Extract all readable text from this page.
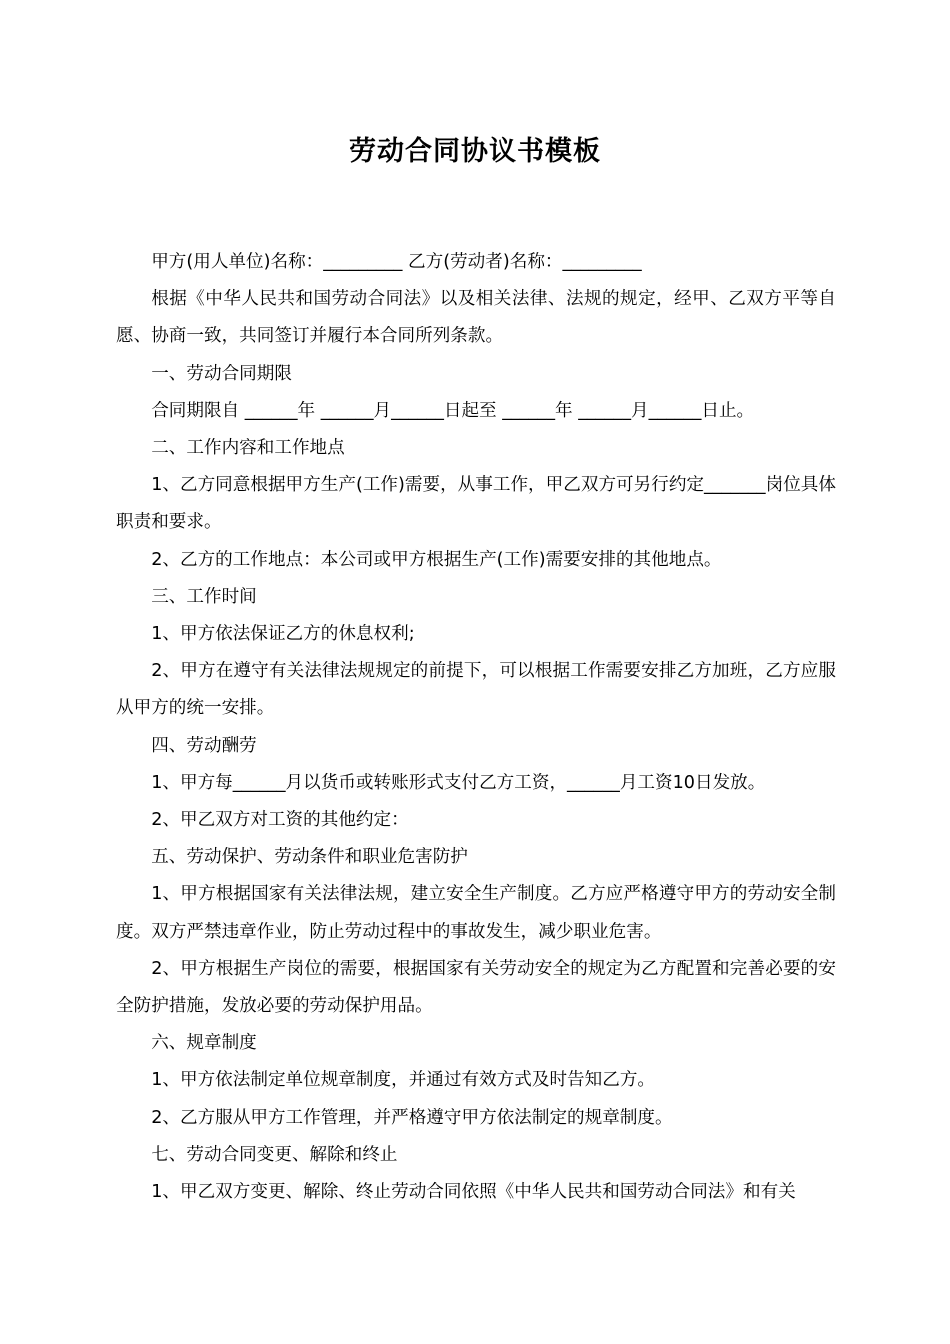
劳动合同协议书模板

甲方(用人单位)名称：_________ 乙方(劳动者)名称：_________

根据《中华人民共和国劳动合同法》以及相关法律、法规的规定，经甲、乙双方平等自愿、协商一致，共同签订并履行本合同所列条款。

一、劳动合同期限

合同期限自 ______年 ______月______日起至 ______年 ______月______日止。

二、工作内容和工作地点

1、乙方同意根据甲方生产(工作)需要，从事工作，甲乙双方可另行约定_______岗位具体职责和要求。

2、乙方的工作地点：本公司或甲方根据生产(工作)需要安排的其他地点。

三、工作时间

1、甲方依法保证乙方的休息权利;

2、甲方在遵守有关法律法规规定的前提下，可以根据工作需要安排乙方加班，乙方应服从甲方的统一安排。

四、劳动酬劳

1、甲方每______月以货币或转账形式支付乙方工资，______月工资10日发放。

2、甲乙双方对工资的其他约定：

五、劳动保护、劳动条件和职业危害防护

1、甲方根据国家有关法律法规，建立安全生产制度。乙方应严格遵守甲方的劳动安全制度。双方严禁违章作业，防止劳动过程中的事故发生，减少职业危害。

2、甲方根据生产岗位的需要，根据国家有关劳动安全的规定为乙方配置和完善必要的安全防护措施，发放必要的劳动保护用品。

六、规章制度

1、甲方依法制定单位规章制度，并通过有效方式及时告知乙方。

2、乙方服从甲方工作管理，并严格遵守甲方依法制定的规章制度。

七、劳动合同变更、解除和终止

1、甲乙双方变更、解除、终止劳动合同依照《中华人民共和国劳动合同法》和有关
